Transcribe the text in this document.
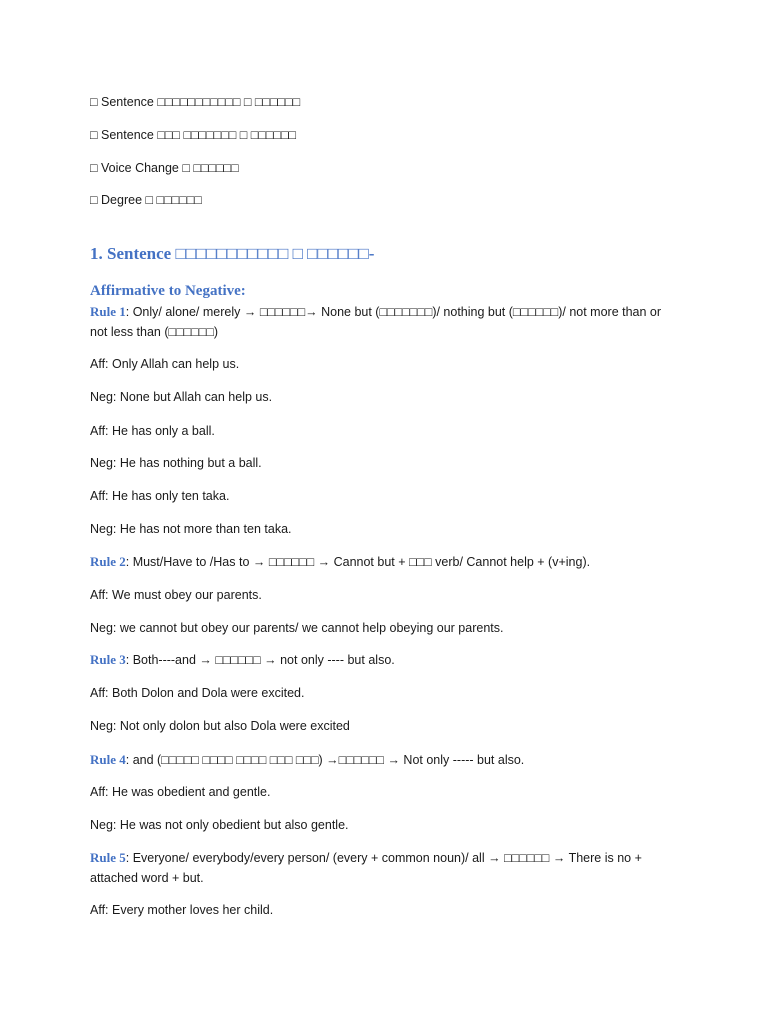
□ Sentence □□□□□□□□□□□ □ □□□□□□
□ Sentence □□□ □□□□□□□ □ □□□□□□
□ Voice Change □ □□□□□□
□ Degree □ □□□□□□
1. Sentence □□□□□□□□□□□ □ □□□□□□-
Affirmative to Negative:
Rule 1: Only/ alone/ merely → □□□□□□→ None but (□□□□□□□)/ nothing but (□□□□□□)/ not more than or not less than (□□□□□□)
Aff: Only Allah can help us.
Neg: None but Allah can help us.
Aff: He has only a ball.
Neg: He has nothing but a ball.
Aff: He has only ten taka.
Neg: He has not more than ten taka.
Rule 2: Must/Have to /Has to → □□□□□□ → Cannot but + □□□ verb/ Cannot help + (v+ing).
Aff: We must obey our parents.
Neg: we cannot but obey our parents/ we cannot help obeying our parents.
Rule 3: Both----and → □□□□□□ → not only ---- but also.
Aff: Both Dolon and Dola were excited.
Neg: Not only dolon but also Dola were excited
Rule 4: and (□□□□□ □□□□ □□□□ □□□ □□□) →□□□□□□ → Not only ----- but also.
Aff: He was obedient and gentle.
Neg: He was not only obedient but also gentle.
Rule 5: Everyone/ everybody/every person/ (every + common noun)/ all → □□□□□□ → There is no + attached word + but.
Aff: Every mother loves her child.
